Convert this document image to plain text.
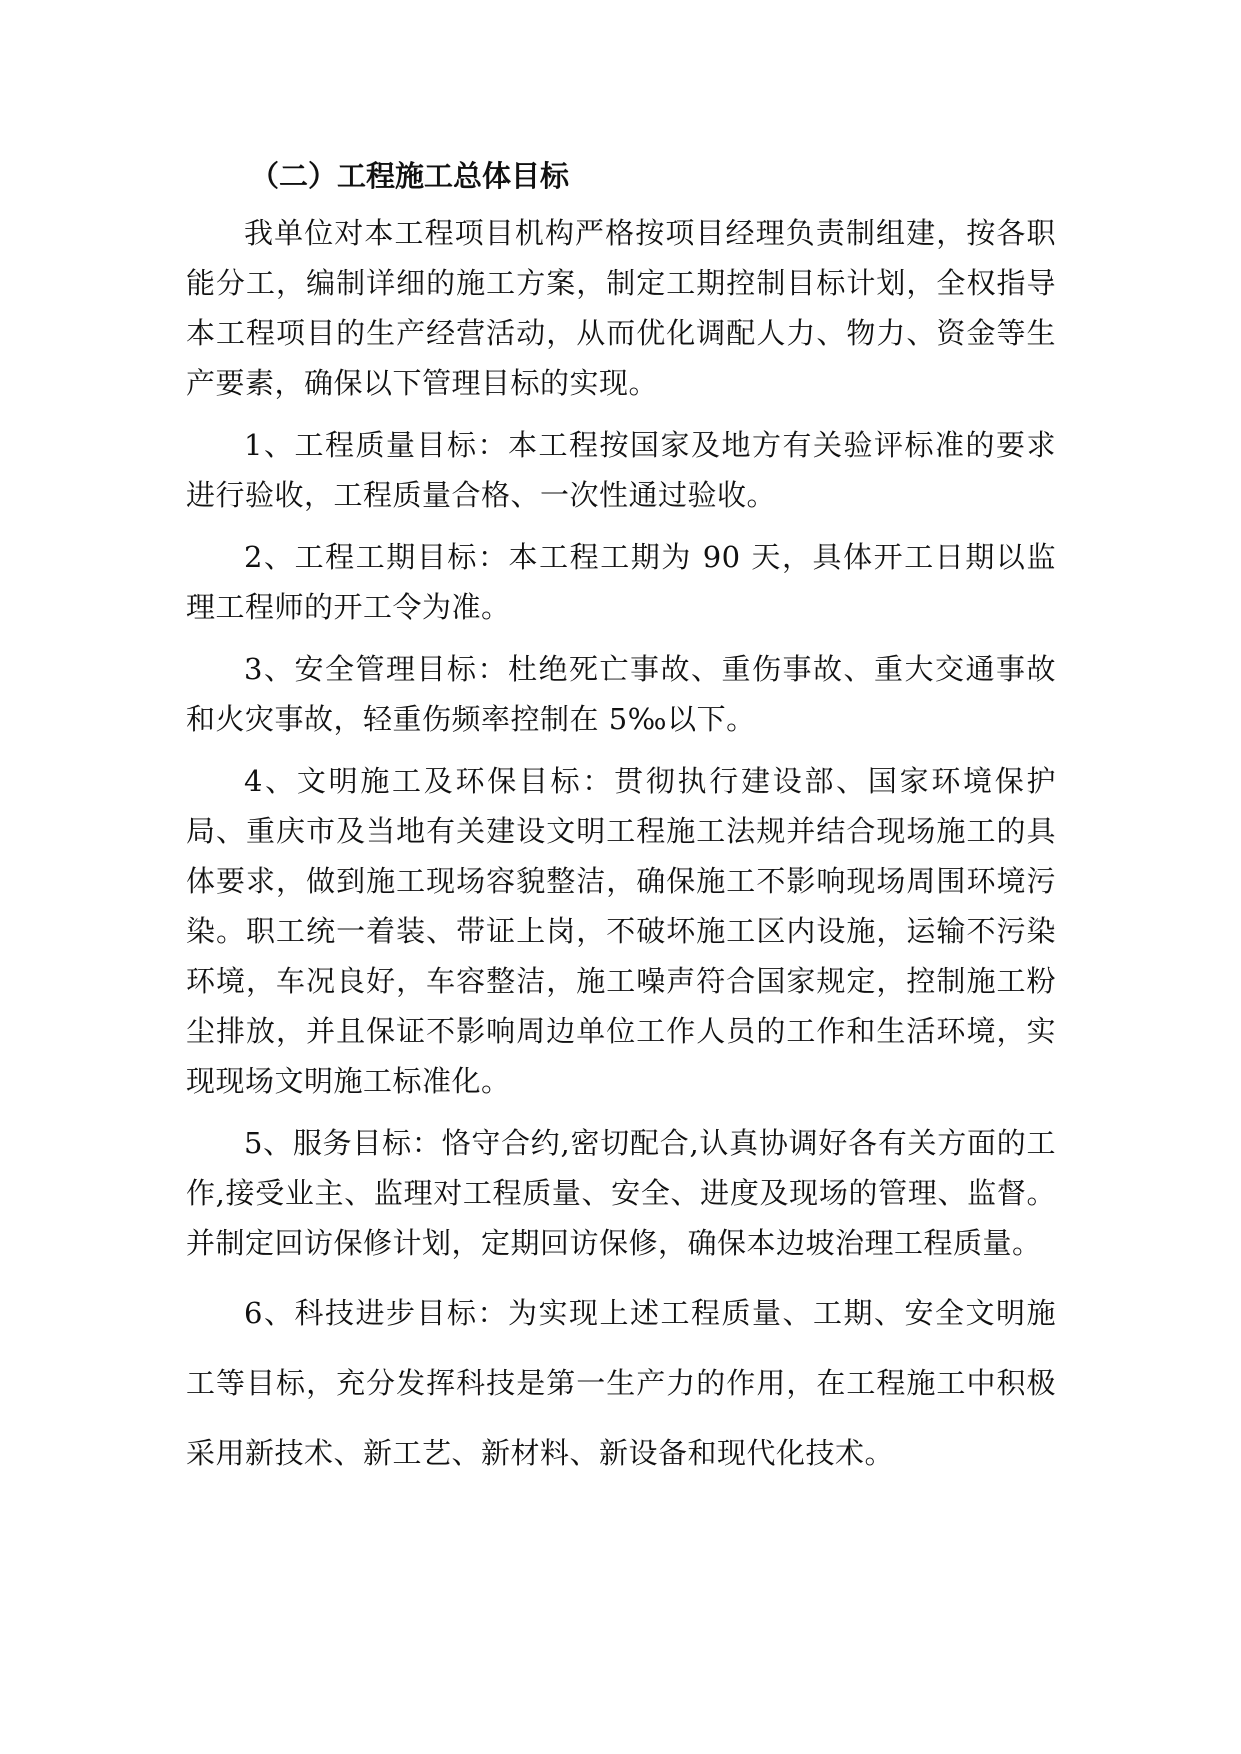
（二）工程施工总体目标

我单位对本工程项目机构严格按项目经理负责制组建，按各职能分工，编制详细的施工方案，制定工期控制目标计划，全权指导本工程项目的生产经营活动，从而优化调配人力、物力、资金等生产要素，确保以下管理目标的实现。

1、工程质量目标：本工程按国家及地方有关验评标准的要求进行验收，工程质量合格、一次性通过验收。

2、工程工期目标：本工程工期为 90 天，具体开工日期以监理工程师的开工令为准。

3、安全管理目标：杜绝死亡事故、重伤事故、重大交通事故和火灾事故，轻重伤频率控制在 5‰以下。

4、文明施工及环保目标：贯彻执行建设部、国家环境保护局、重庆市及当地有关建设文明工程施工法规并结合现场施工的具体要求，做到施工现场容貌整洁，确保施工不影响现场周围环境污染。职工统一着装、带证上岗，不破坏施工区内设施，运输不污染环境，车况良好，车容整洁，施工噪声符合国家规定，控制施工粉尘排放，并且保证不影响周边单位工作人员的工作和生活环境，实现现场文明施工标准化。

5、服务目标：恪守合约,密切配合,认真协调好各有关方面的工作,接受业主、监理对工程质量、安全、进度及现场的管理、监督。并制定回访保修计划，定期回访保修，确保本边坡治理工程质量。

6、科技进步目标：为实现上述工程质量、工期、安全文明施工等目标，充分发挥科技是第一生产力的作用，在工程施工中积极采用新技术、新工艺、新材料、新设备和现代化技术。
